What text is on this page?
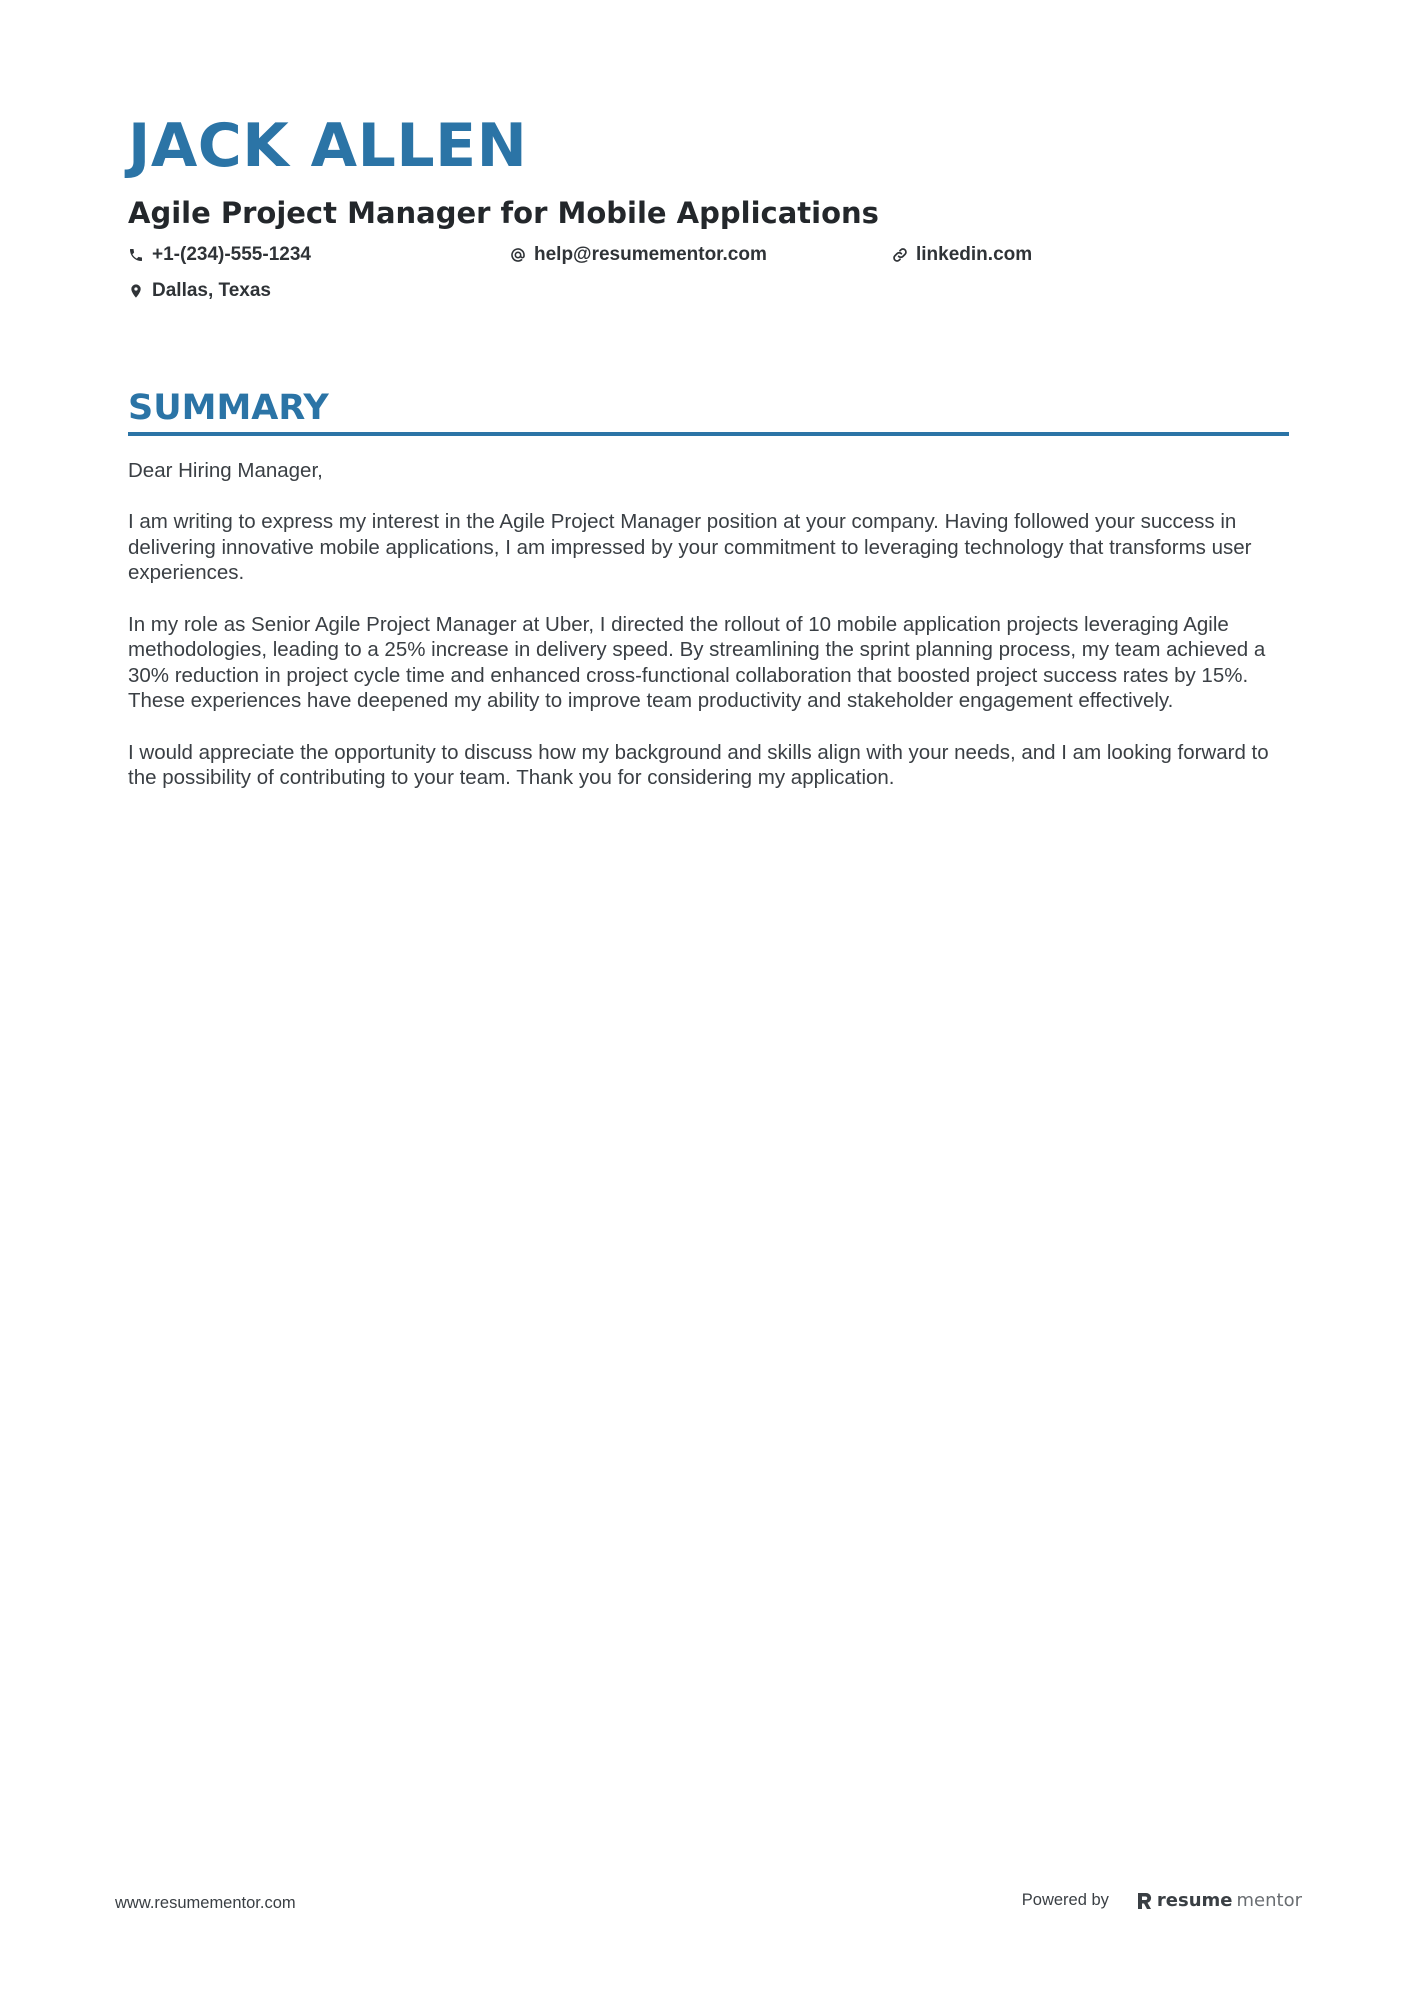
JACK ALLEN
Agile Project Manager for Mobile Applications
+1-(234)-555-1234	help@resumementor.com	linkedin.com
Dallas, Texas
SUMMARY

Dear Hiring Manager,

I am writing to express my interest in the Agile Project Manager position at your company. Having followed your success in delivering innovative mobile applications, I am impressed by your commitment to leveraging technology that transforms user experiences.

In my role as Senior Agile Project Manager at Uber, I directed the rollout of 10 mobile application projects leveraging Agile methodologies, leading to a 25% increase in delivery speed. By streamlining the sprint planning process, my team achieved a 30% reduction in project cycle time and enhanced cross-functional collaboration that boosted project success rates by 15%. These experiences have deepened my ability to improve team productivity and stakeholder engagement effectively.

I would appreciate the opportunity to discuss how my background and skills align with your needs, and I am looking forward to the possibility of contributing to your team. Thank you for considering my application.

www.resumementor.com	Powered by	resume mentor
